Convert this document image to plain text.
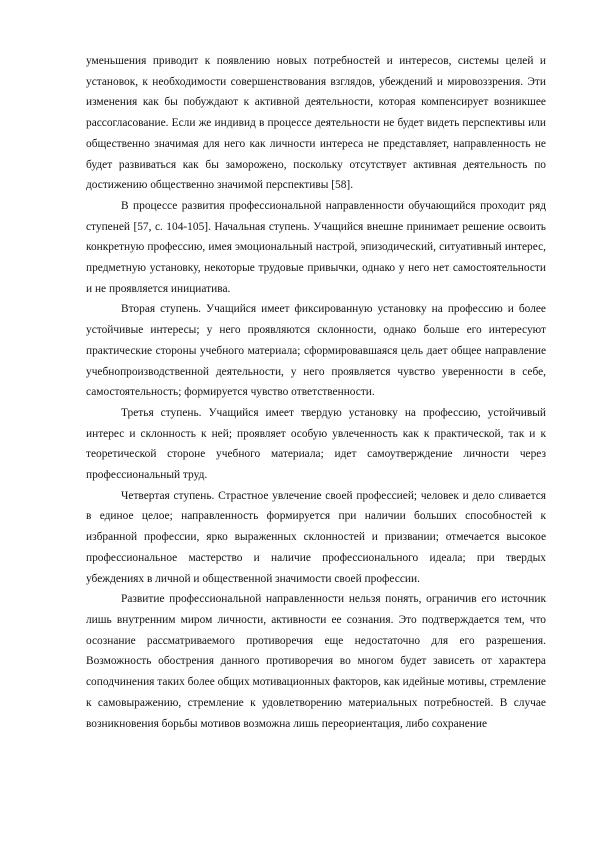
уменьшения приводит к появлению новых потребностей и интересов, системы целей и установок, к необходимости совершенствования взглядов, убеждений и мировоззрения. Эти изменения как бы побуждают к активной деятельности, которая компенсирует возникшее рассогласование. Если же индивид в процессе деятельности не будет видеть перспективы или общественно значимая для него как личности интереса не представляет, направленность не будет развиваться как бы заморожено, поскольку отсутствует активная деятельность по достижению общественно значимой перспективы [58].

В процессе развития профессиональной направленности обучающийся проходит ряд ступеней [57, с. 104-105]. Начальная ступень. Учащийся внешне принимает решение освоить конкретную профессию, имея эмоциональный настрой, эпизодический, ситуативный интерес, предметную установку, некоторые трудовые привычки, однако у него нет самостоятельности и не проявляется инициатива.

Вторая ступень. Учащийся имеет фиксированную установку на профессию и более устойчивые интересы; у него проявляются склонности, однако больше его интересуют практические стороны учебного материала; сформировавшаяся цель дает общее направление учебнопроизводственной деятельности, у него проявляется чувство уверенности в себе, самостоятельность; формируется чувство ответственности.

Третья ступень. Учащийся имеет твердую установку на профессию, устойчивый интерес и склонность к ней; проявляет особую увлеченность как к практической, так и к теоретической стороне учебного материала; идет самоутверждение личности через профессиональный труд.

Четвертая ступень. Страстное увлечение своей профессией; человек и дело сливается в единое целое; направленность формируется при наличии больших способностей к избранной профессии, ярко выраженных склонностей и призвании; отмечается высокое профессиональное мастерство и наличие профессионального идеала; при твердых убеждениях в личной и общественной значимости своей профессии.

Развитие профессиональной направленности нельзя понять, ограничив его источник лишь внутренним миром личности, активности ее сознания. Это подтверждается тем, что осознание рассматриваемого противоречия еще недостаточно для его разрешения. Возможность обострения данного противоречия во многом будет зависеть от характера соподчинения таких более общих мотивационных факторов, как идейные мотивы, стремление к самовыражению, стремление к удовлетворению материальных потребностей. В случае возникновения борьбы мотивов возможна лишь переориентация, либо сохранение
